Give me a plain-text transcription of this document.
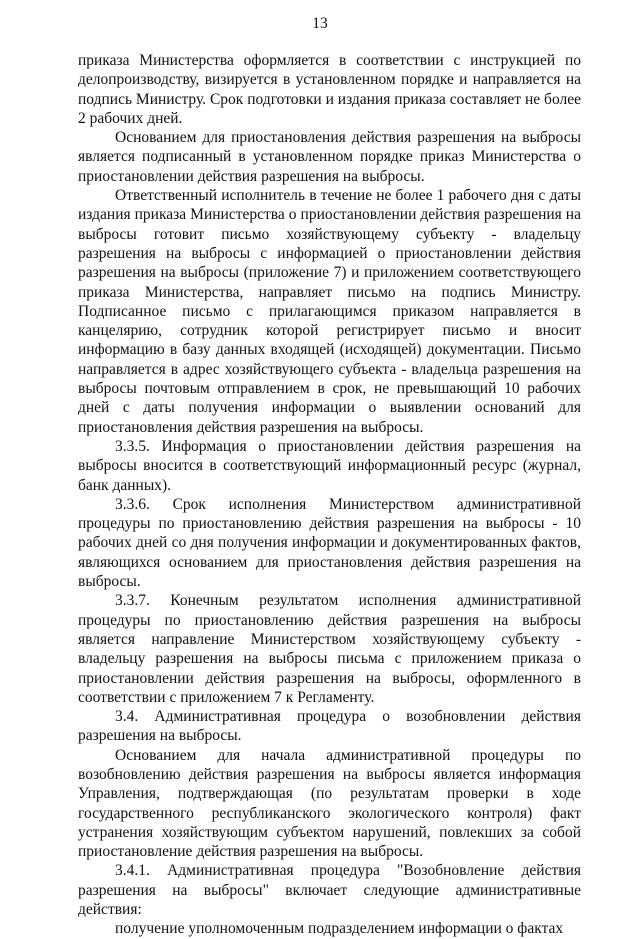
13

приказа Министерства оформляется в соответствии с инструкцией по делопроизводству, визируется в установленном порядке и направляется на подпись Министру. Срок подготовки и издания приказа составляет не более 2 рабочих дней.

Основанием для приостановления действия разрешения на выбросы является подписанный в установленном порядке приказ Министерства о приостановлении действия разрешения на выбросы.

Ответственный исполнитель в течение не более 1 рабочего дня с даты издания приказа Министерства о приостановлении действия разрешения на выбросы готовит письмо хозяйствующему субъекту - владельцу разрешения на выбросы с информацией о приостановлении действия разрешения на выбросы (приложение 7) и приложением соответствующего приказа Министерства, направляет письмо на подпись Министру. Подписанное письмо с прилагающимся приказом направляется в канцелярию, сотрудник которой регистрирует письмо и вносит информацию в базу данных входящей (исходящей) документации. Письмо направляется в адрес хозяйствующего субъекта - владельца разрешения на выбросы почтовым отправлением в срок, не превышающий 10 рабочих дней с даты получения информации о выявлении оснований для приостановления действия разрешения на выбросы.

3.3.5. Информация о приостановлении действия разрешения на выбросы вносится в соответствующий информационный ресурс (журнал, банк данных).

3.3.6. Срок исполнения Министерством административной процедуры по приостановлению действия разрешения на выбросы - 10 рабочих дней со дня получения информации и документированных фактов, являющихся основанием для приостановления действия разрешения на выбросы.

3.3.7. Конечным результатом исполнения административной процедуры по приостановлению действия разрешения на выбросы является направление Министерством хозяйствующему субъекту - владельцу разрешения на выбросы письма с приложением приказа о приостановлении действия разрешения на выбросы, оформленного в соответствии с приложением 7 к Регламенту.

3.4. Административная процедура о возобновлении действия разрешения на выбросы.

Основанием для начала административной процедуры по возобновлению действия разрешения на выбросы является информация Управления, подтверждающая (по результатам проверки в ходе государственного республиканского экологического контроля) факт устранения хозяйствующим субъектом нарушений, повлекших за собой приостановление действия разрешения на выбросы.

3.4.1. Административная процедура "Возобновление действия разрешения на выбросы" включает следующие административные действия:

получение уполномоченным подразделением информации о фактах
